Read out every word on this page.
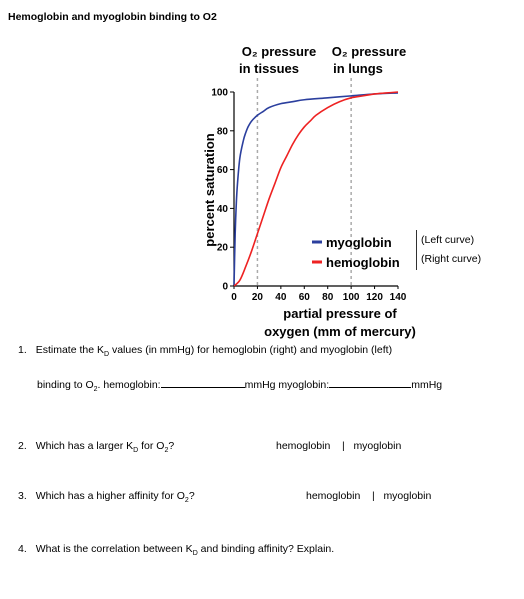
Hemoglobin and myoglobin binding to O2
0
20
40
60
80
100
0 20 40 60 80 100 120 140
O₂ pressure
in tissues
O₂ pressure
in lungs
percent saturation
partial pressure of
oxygen (mm of mercury)
myoglobin
hemoglobin
(Left curve)
(Right curve)
1. Estimate the $K_D$ values (in mmHg) for hemoglobin (right) and myoglobin (left)
binding to $O_2$. hemoglobin:	mmHg myoglobin:	mmHg
2. Which has a larger $K_D$ for $O_2$?	hemoglobin    |   myoglobin
3. Which has a higher affinity for $O_2$?	hemoglobin    |   myoglobin
4. What is the correlation between $K_D$ and binding affinity? Explain.
